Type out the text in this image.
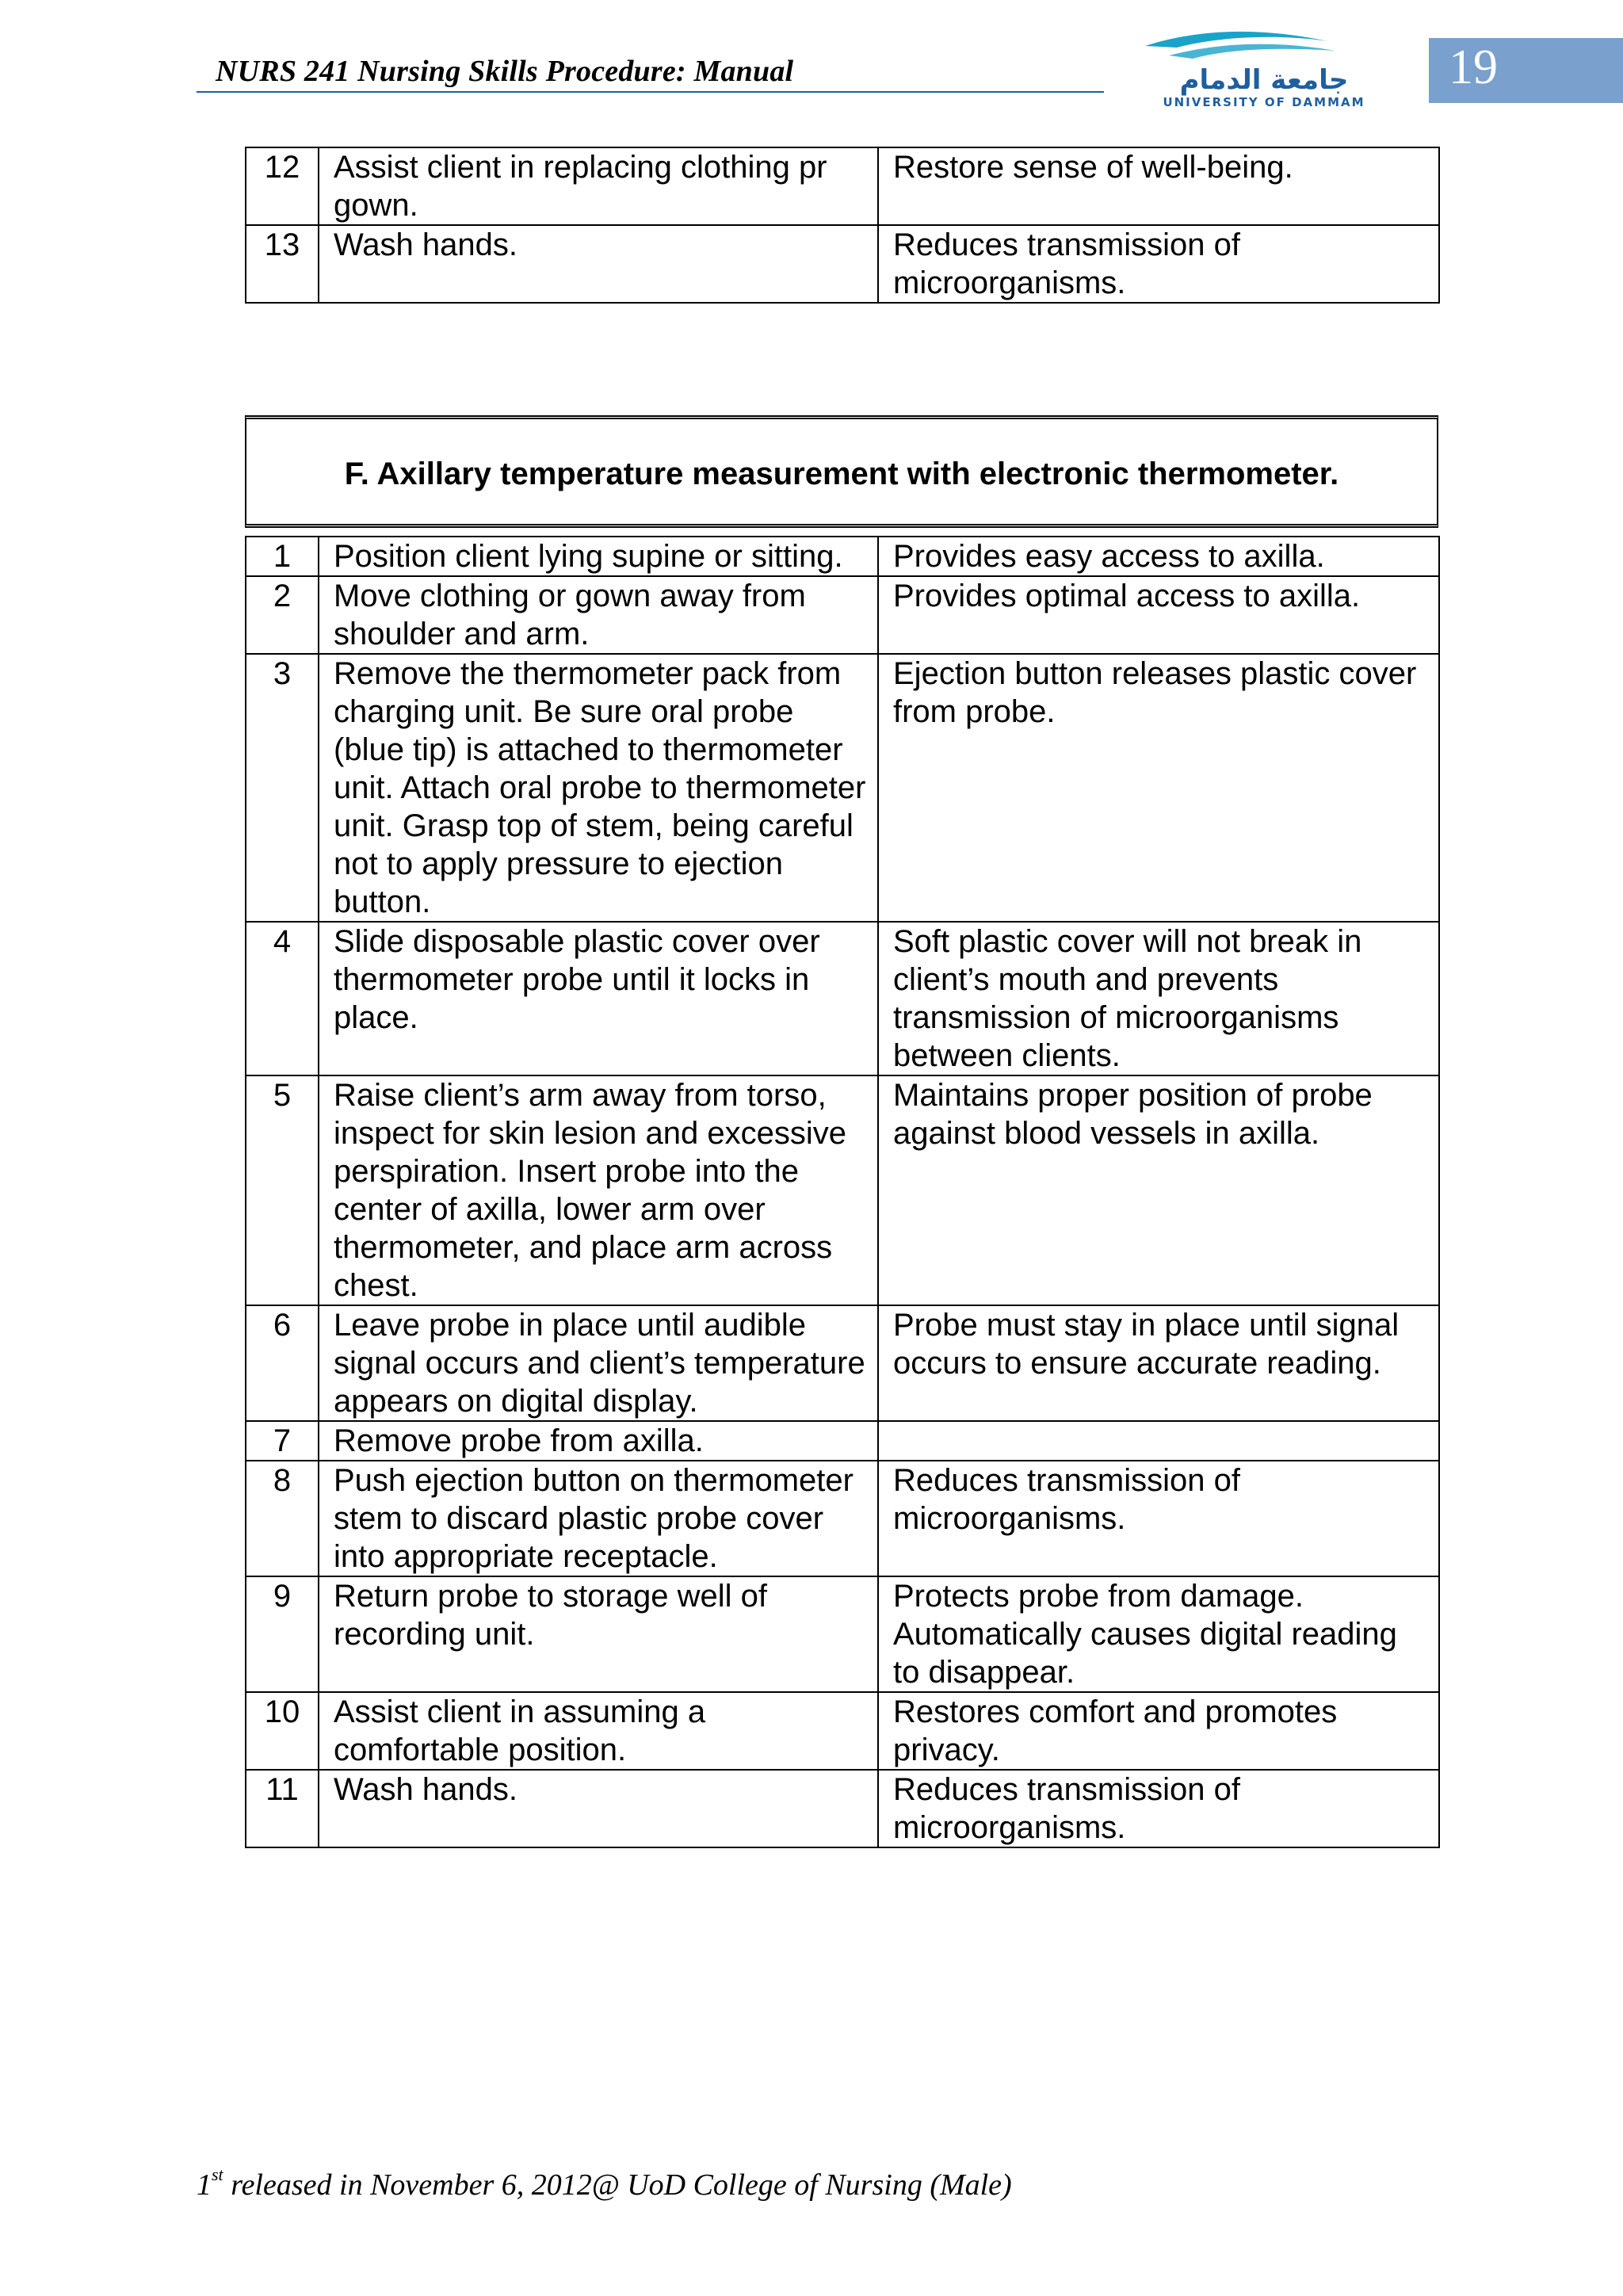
NURS 241 Nursing Skills Procedure: Manual	جامعة الدمام
UNIVERSITY OF DAMMAM
19
12	Assist client in replacing clothing pr gown.	Restore sense of well-being.
13	Wash hands.	Reduces transmission of microorganisms.
F. Axillary temperature measurement with electronic thermometer.
1	Position client lying supine or sitting.	Provides easy access to axilla.
2	Move clothing or gown away from shoulder and arm.	Provides optimal access to axilla.
3	Remove the thermometer pack from charging unit. Be sure oral probe (blue tip) is attached to thermometer unit. Attach oral probe to thermometer unit. Grasp top of stem, being careful not to apply pressure to ejection button.	Ejection button releases plastic cover from probe.
4	Slide disposable plastic cover over thermometer probe until it locks in place.	Soft plastic cover will not break in client’s mouth and prevents transmission of microorganisms between clients.
5	Raise client’s arm away from torso, inspect for skin lesion and excessive perspiration. Insert probe into the center of axilla, lower arm over thermometer, and place arm across chest.	Maintains proper position of probe against blood vessels in axilla.
6	Leave probe in place until audible signal occurs and client’s temperature appears on digital display.	Probe must stay in place until signal occurs to ensure accurate reading.
7	Remove probe from axilla.	
8	Push ejection button on thermometer stem to discard plastic probe cover into appropriate receptacle.	Reduces transmission of microorganisms.
9	Return probe to storage well of recording unit.	Protects probe from damage. Automatically causes digital reading to disappear.
10	Assist client in assuming a comfortable position.	Restores comfort and promotes privacy.
11	Wash hands.	Reduces transmission of microorganisms.
1st released in November 6, 2012@ UoD College of Nursing (Male)
